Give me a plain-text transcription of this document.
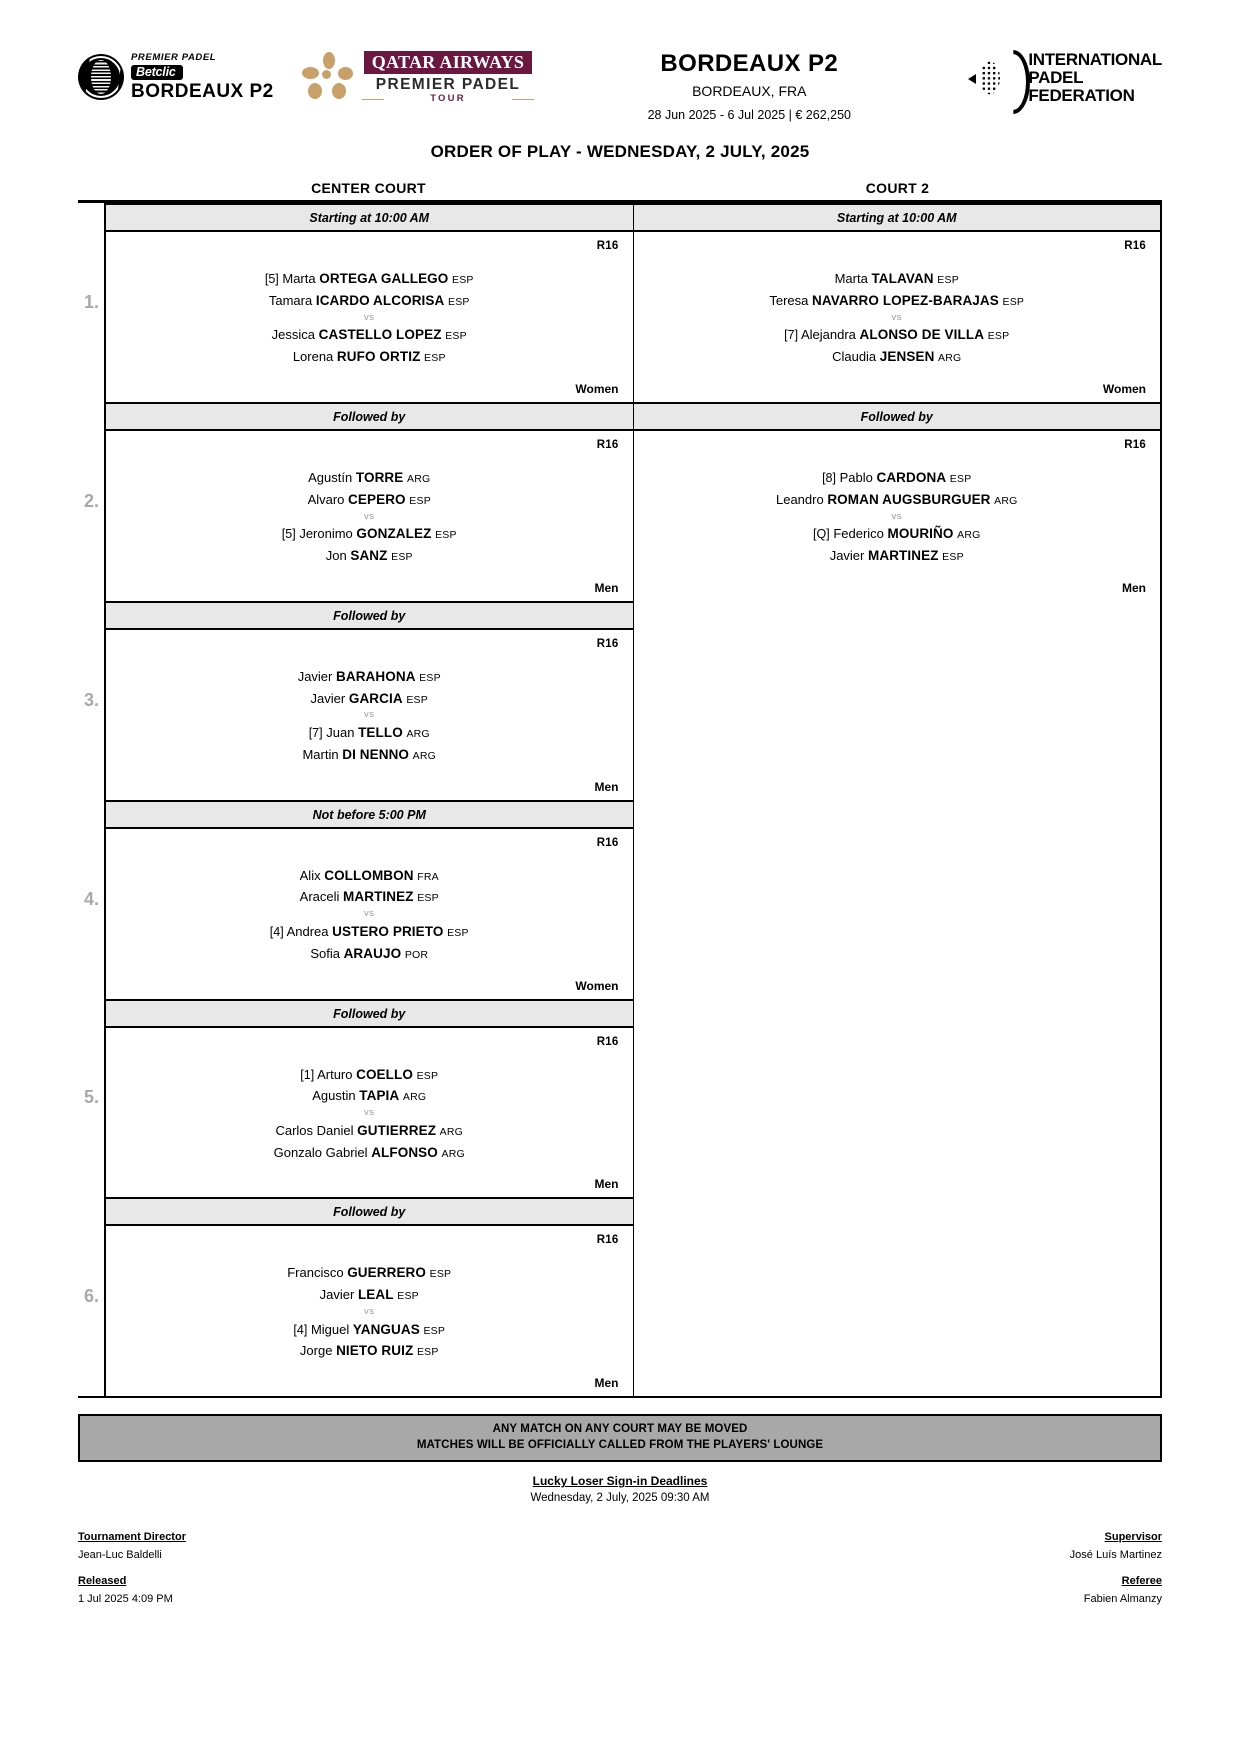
PREMIER PADEL
Betclic
BORDEAUX P2
QATAR AIRWAYS
PREMIER PADEL
TOUR
BORDEAUX P2
BORDEAUX, FRA
28 Jun 2025 - 6 Jul 2025 | € 262,250
INTERNATIONAL
PADEL
FEDERATION
ORDER OF PLAY - WEDNESDAY, 2 JULY, 2025
CENTER COURT	COURT 2
1.
Starting at 10:00 AM
R16
[5] Marta ORTEGA GALLEGO ESP
Tamara ICARDO ALCORISA ESP
vs
Jessica CASTELLO LOPEZ ESP
Lorena RUFO ORTIZ ESP
Women
Starting at 10:00 AM
R16
Marta TALAVAN ESP
Teresa NAVARRO LOPEZ-BARAJAS ESP
vs
[7] Alejandra ALONSO DE VILLA ESP
Claudia JENSEN ARG
Women
2.
Followed by
R16
Agustín TORRE ARG
Alvaro CEPERO ESP
vs
[5] Jeronimo GONZALEZ ESP
Jon SANZ ESP
Men
Followed by
R16
[8] Pablo CARDONA ESP
Leandro ROMAN AUGSBURGUER ARG
vs
[Q] Federico MOURIÑO ARG
Javier MARTINEZ ESP
Men
3.
Followed by
R16
Javier BARAHONA ESP
Javier GARCIA ESP
vs
[7] Juan TELLO ARG
Martin DI NENNO ARG
Men
4.
Not before 5:00 PM
R16
Alix COLLOMBON FRA
Araceli MARTINEZ ESP
vs
[4] Andrea USTERO PRIETO ESP
Sofia ARAUJO POR
Women
5.
Followed by
R16
[1] Arturo COELLO ESP
Agustin TAPIA ARG
vs
Carlos Daniel GUTIERREZ ARG
Gonzalo Gabriel ALFONSO ARG
Men
6.
Followed by
R16
Francisco GUERRERO ESP
Javier LEAL ESP
vs
[4] Miguel YANGUAS ESP
Jorge NIETO RUIZ ESP
Men
ANY MATCH ON ANY COURT MAY BE MOVED
MATCHES WILL BE OFFICIALLY CALLED FROM THE PLAYERS' LOUNGE
Lucky Loser Sign-in Deadlines
Wednesday, 2 July, 2025 09:30 AM
Tournament Director
Jean-Luc Baldelli
Released
1 Jul 2025 4:09 PM
Supervisor
José Luís Martinez
Referee
Fabien Almanzy
